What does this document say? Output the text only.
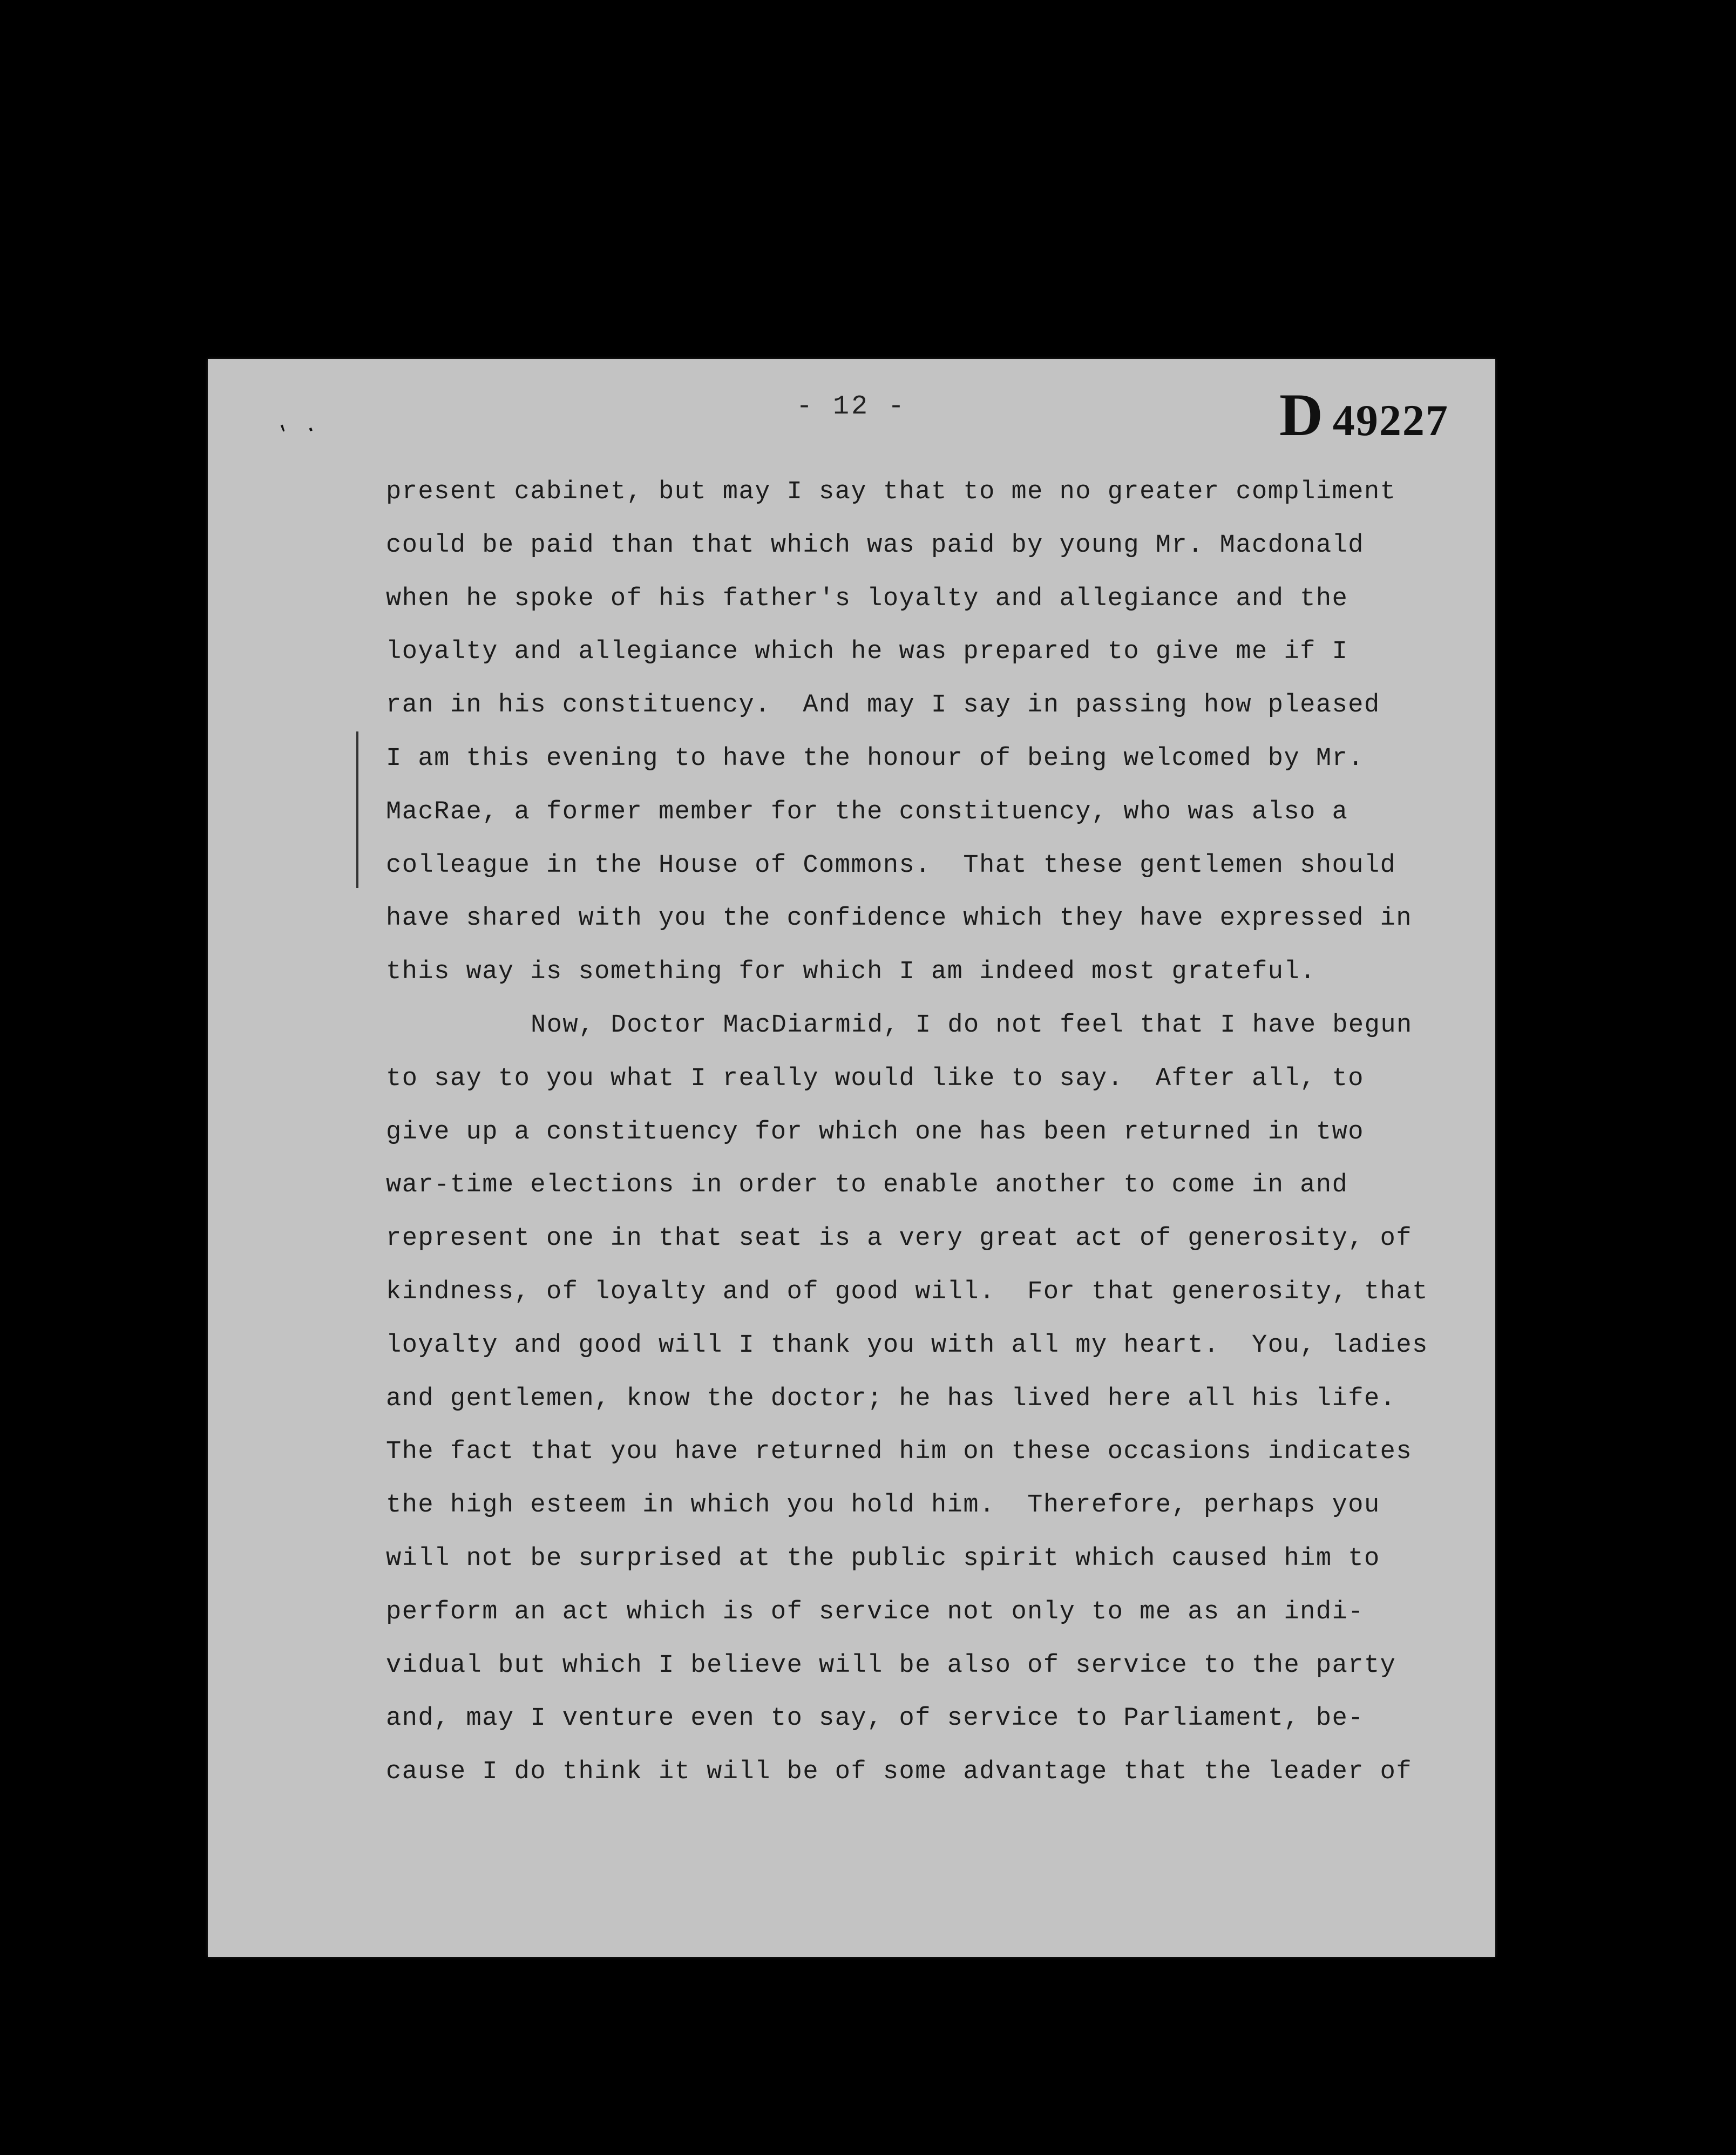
' .
- 12 -	D 49227
present cabinet, but may I say that to me no greater compliment
could be paid than that which was paid by young Mr. Macdonald
when he spoke of his father's loyalty and allegiance and the
loyalty and allegiance which he was prepared to give me if I
ran in his constituency.  And may I say in passing how pleased
I am this evening to have the honour of being welcomed by Mr.
MacRae, a former member for the constituency, who was also a
colleague in the House of Commons.  That these gentlemen should
have shared with you the confidence which they have expressed in
this way is something for which I am indeed most grateful.
Now, Doctor MacDiarmid, I do not feel that I have begun
to say to you what I really would like to say.  After all, to
give up a constituency for which one has been returned in two
war-time elections in order to enable another to come in and
represent one in that seat is a very great act of generosity, of
kindness, of loyalty and of good will.  For that generosity, that
loyalty and good will I thank you with all my heart.  You, ladies
and gentlemen, know the doctor; he has lived here all his life.
The fact that you have returned him on these occasions indicates
the high esteem in which you hold him.  Therefore, perhaps you
will not be surprised at the public spirit which caused him to
perform an act which is of service not only to me as an indi-
vidual but which I believe will be also of service to the party
and, may I venture even to say, of service to Parliament, be-
cause I do think it will be of some advantage that the leader of
